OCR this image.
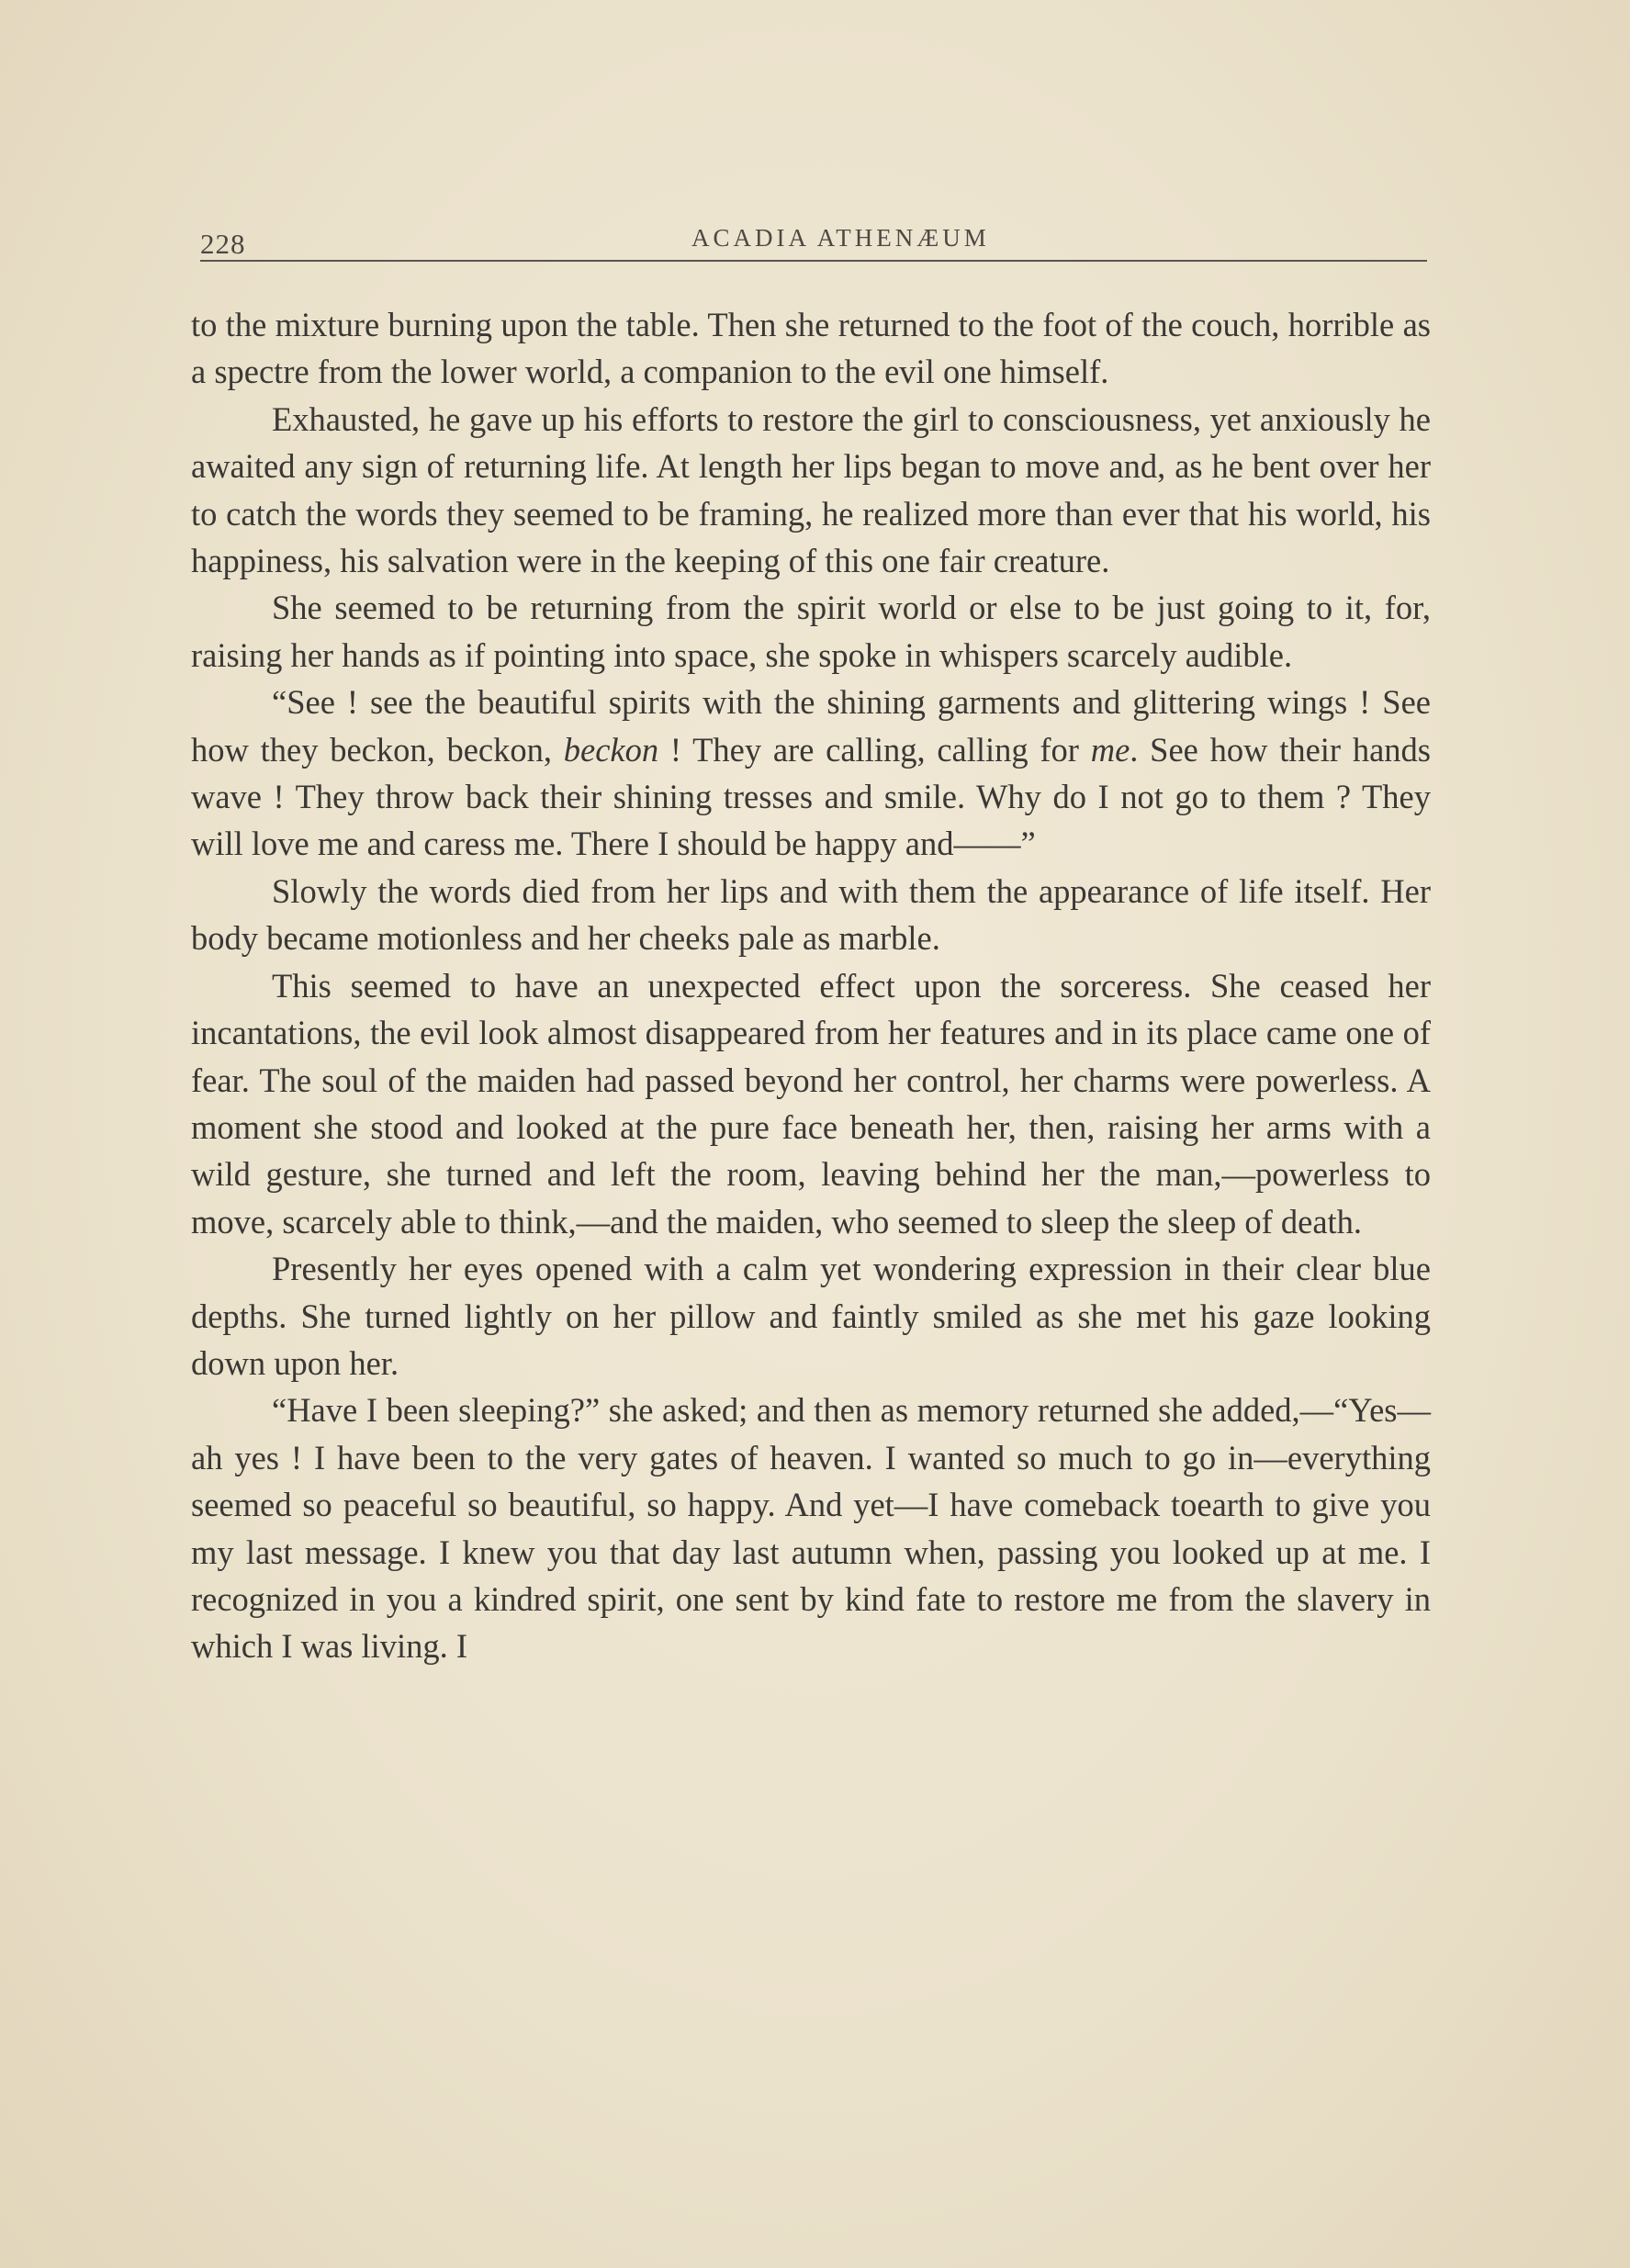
228	ACADIA ATHENÆUM

to the mixture burning upon the table. Then she returned to the foot of the couch, horrible as a spectre from the lower world, a companion to the evil one himself.

Exhausted, he gave up his efforts to restore the girl to consciousness, yet anxiously he awaited any sign of returning life. At length her lips began to move and, as he bent over her to catch the words they seemed to be framing, he realized more than ever that his world, his happiness, his salvation were in the keeping of this one fair creature.

She seemed to be returning from the spirit world or else to be just going to it, for, raising her hands as if pointing into space, she spoke in whispers scarcely audible.

“See ! see the beautiful spirits with the shining garments and glittering wings ! See how they beckon, beckon, beckon ! They are calling, calling for me. See how their hands wave ! They throw back their shining tresses and smile. Why do I not go to them ? They will love me and caress me. There I should be happy and——”

Slowly the words died from her lips and with them the appearance of life itself. Her body became motionless and her cheeks pale as marble.

This seemed to have an unexpected effect upon the sorceress. She ceased her incantations, the evil look almost disappeared from her features and in its place came one of fear. The soul of the maiden had passed beyond her control, her charms were powerless. A moment she stood and looked at the pure face beneath her, then, raising her arms with a wild gesture, she turned and left the room, leaving behind her the man,—powerless to move, scarcely able to think,—and the maiden, who seemed to sleep the sleep of death.

Presently her eyes opened with a calm yet wondering expression in their clear blue depths. She turned lightly on her pillow and faintly smiled as she met his gaze looking down upon her.

“Have I been sleeping?” she asked; and then as memory returned she added,—“Yes—ah yes ! I have been to the very gates of heaven. I wanted so much to go in—everything seemed so peaceful so beautiful, so happy. And yet—I have comeback toearth to give you my last message. I knew you that day last autumn when, passing you looked up at me. I recognized in you a kindred spirit, one sent by kind fate to restore me from the slavery in which I was living. I
